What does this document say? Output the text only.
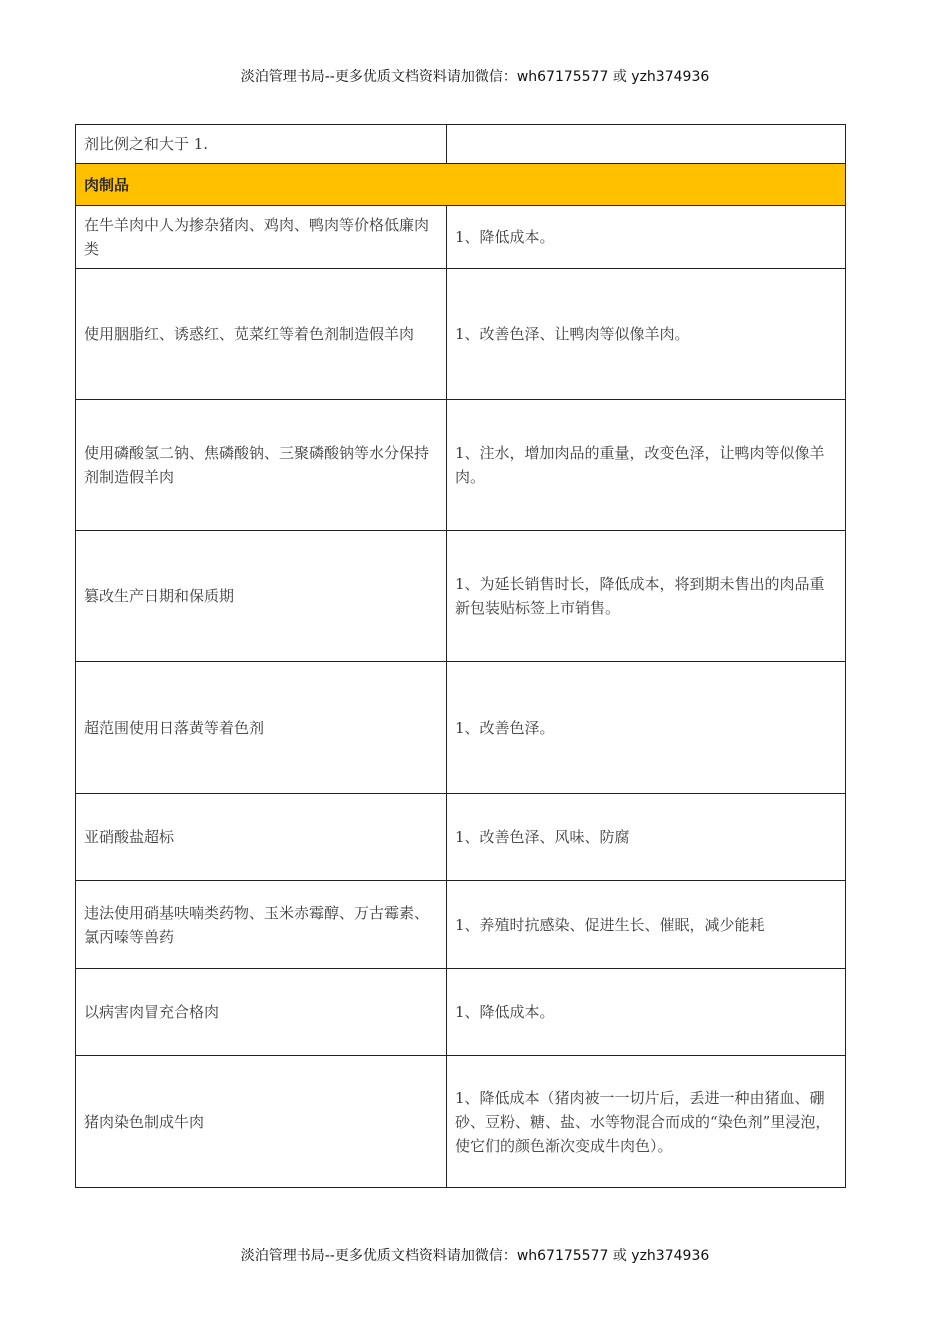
淡泊管理书局--更多优质文档资料请加微信：wh67175577 或 yzh374936
剂比例之和大于 1.	
肉制品	
在牛羊肉中人为掺杂猪肉、鸡肉、鸭肉等价格低廉肉类	1、降低成本。
使用胭脂红、诱惑红、苋菜红等着色剂制造假羊肉	1、改善色泽、让鸭肉等似像羊肉。
使用磷酸氢二钠、焦磷酸钠、三聚磷酸钠等水分保持剂制造假羊肉	1、注水，增加肉品的重量，改变色泽，让鸭肉等似像羊肉。
篡改生产日期和保质期	1、为延长销售时长，降低成本，将到期未售出的肉品重新包装贴标签上市销售。
超范围使用日落黄等着色剂	1、改善色泽。
亚硝酸盐超标	1、改善色泽、风味、防腐
违法使用硝基呋喃类药物、玉米赤霉醇、万古霉素、氯丙嗪等兽药	1、养殖时抗感染、促进生长、催眠，减少能耗
以病害肉冒充合格肉	1、降低成本。
猪肉染色制成牛肉	1、降低成本（猪肉被一一切片后，丢进一种由猪血、硼砂、豆粉、糖、盐、水等物混合而成的“染色剂”里浸泡，使它们的颜色渐次变成牛肉色）。
淡泊管理书局--更多优质文档资料请加微信：wh67175577 或 yzh374936
